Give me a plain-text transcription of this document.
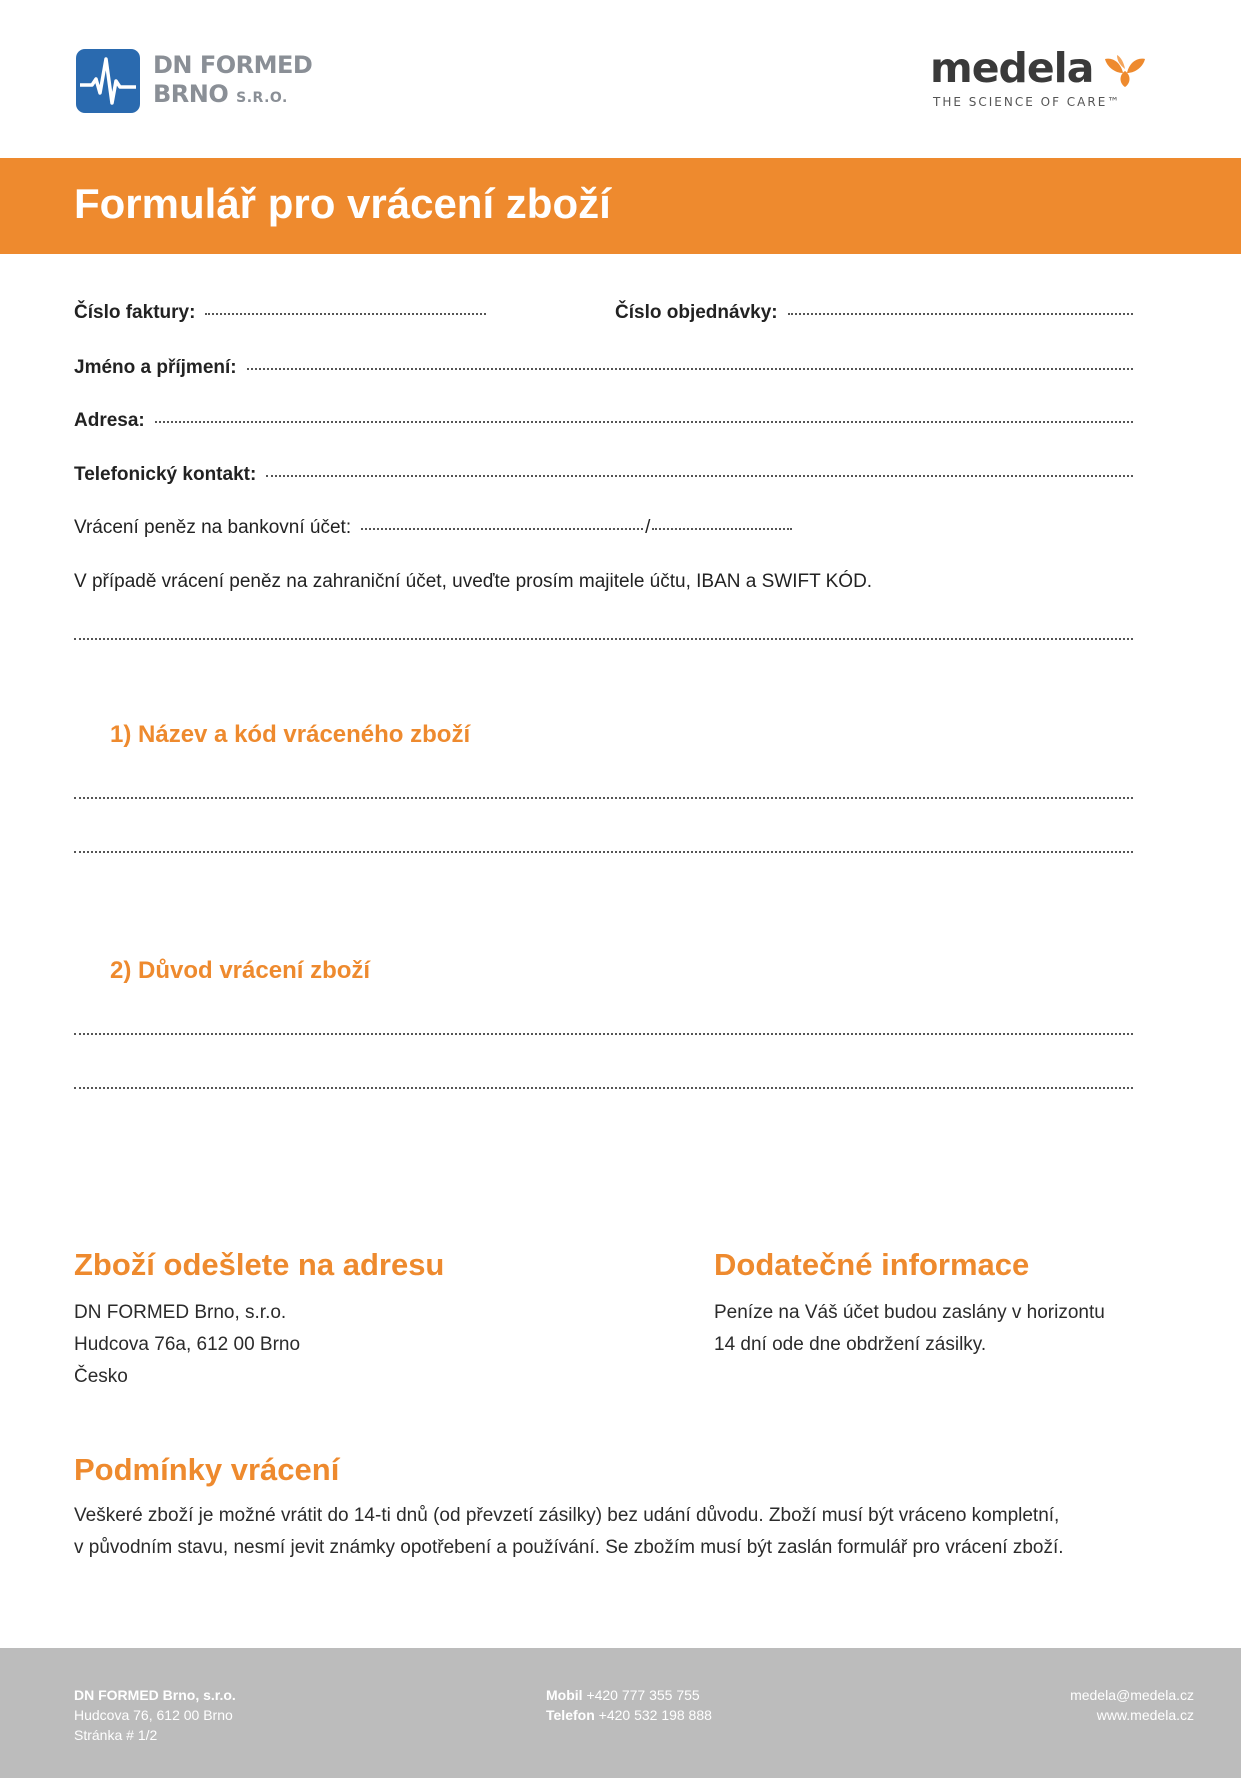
DN FORMED
BRNO S.R.O.
medela
THE SCIENCE OF CARE™
Formulář pro vrácení zboží
Číslo faktury:	Číslo objednávky:
Jméno a příjmení:
Adresa:
Telefonický kontakt:
Vrácení peněz na bankovní účet:	/
V případě vrácení peněz na zahraniční účet, uveďte prosím majitele účtu, IBAN a SWIFT KÓD.
1) Název a kód vráceného zboží
2) Důvod vrácení zboží
Zboží odešlete na adresu
DN FORMED Brno, s.r.o.
Hudcova 76a, 612 00 Brno
Česko
Dodatečné informace
Peníze na Váš účet budou zaslány v horizontu
14 dní ode dne obdržení zásilky.
Podmínky vrácení
Veškeré zboží je možné vrátit do 14-ti dnů (od převzetí zásilky) bez udání důvodu. Zboží musí být vráceno kompletní,
v původním stavu, nesmí jevit známky opotřebení a používání. Se zbožím musí být zaslán formulář pro vrácení zboží.
DN FORMED Brno, s.r.o.
Hudcova 76, 612 00 Brno
Stránka # 1/2
Mobil +420 777 355 755
Telefon +420 532 198 888
medela@medela.cz
www.medela.cz
